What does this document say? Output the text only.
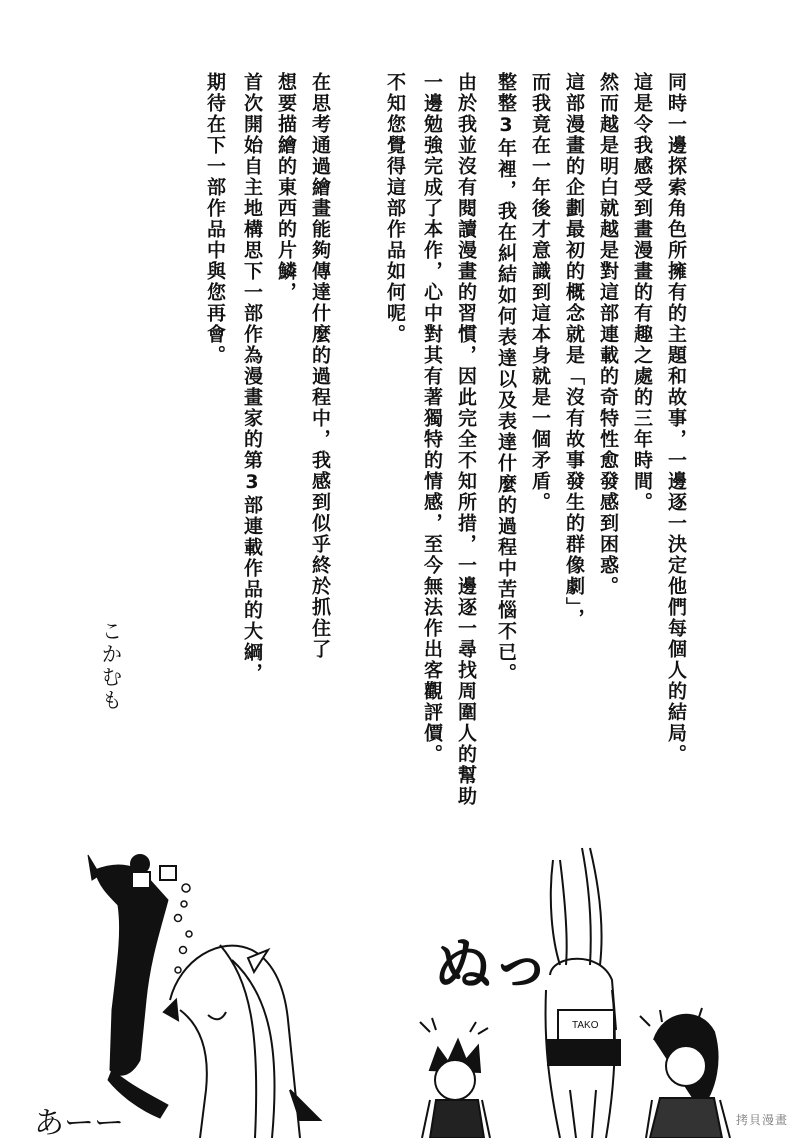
同時一邊探索角色所擁有的主題和故事，一邊逐一決定他們每個人的結局。
這是令我感受到畫漫畫的有趣之處的三年時間。
然而越是明白就越是對這部連載的奇特性愈發感到困惑。
這部漫畫的企劃最初的概念就是「沒有故事發生的群像劇」，
而我竟在一年後才意識到這本身就是一個矛盾。
整整3年裡，我在糾結如何表達以及表達什麼的過程中苦惱不已。
由於我並沒有閱讀漫畫的習慣，因此完全不知所措，一邊逐一尋找周圍人的幫助
一邊勉強完成了本作，心中對其有著獨特的情感，至今無法作出客觀評價。
不知您覺得這部作品如何呢。
在思考通過繪畫能夠傳達什麼的過程中，我感到似乎終於抓住了
想要描繪的東西的片鱗，
首次開始自主地構思下一部作為漫畫家的第3部連載作品的大綱，
期待在下一部作品中與您再會。
こかむも
TAKO
ぬっ
あーー	拷貝漫畫
